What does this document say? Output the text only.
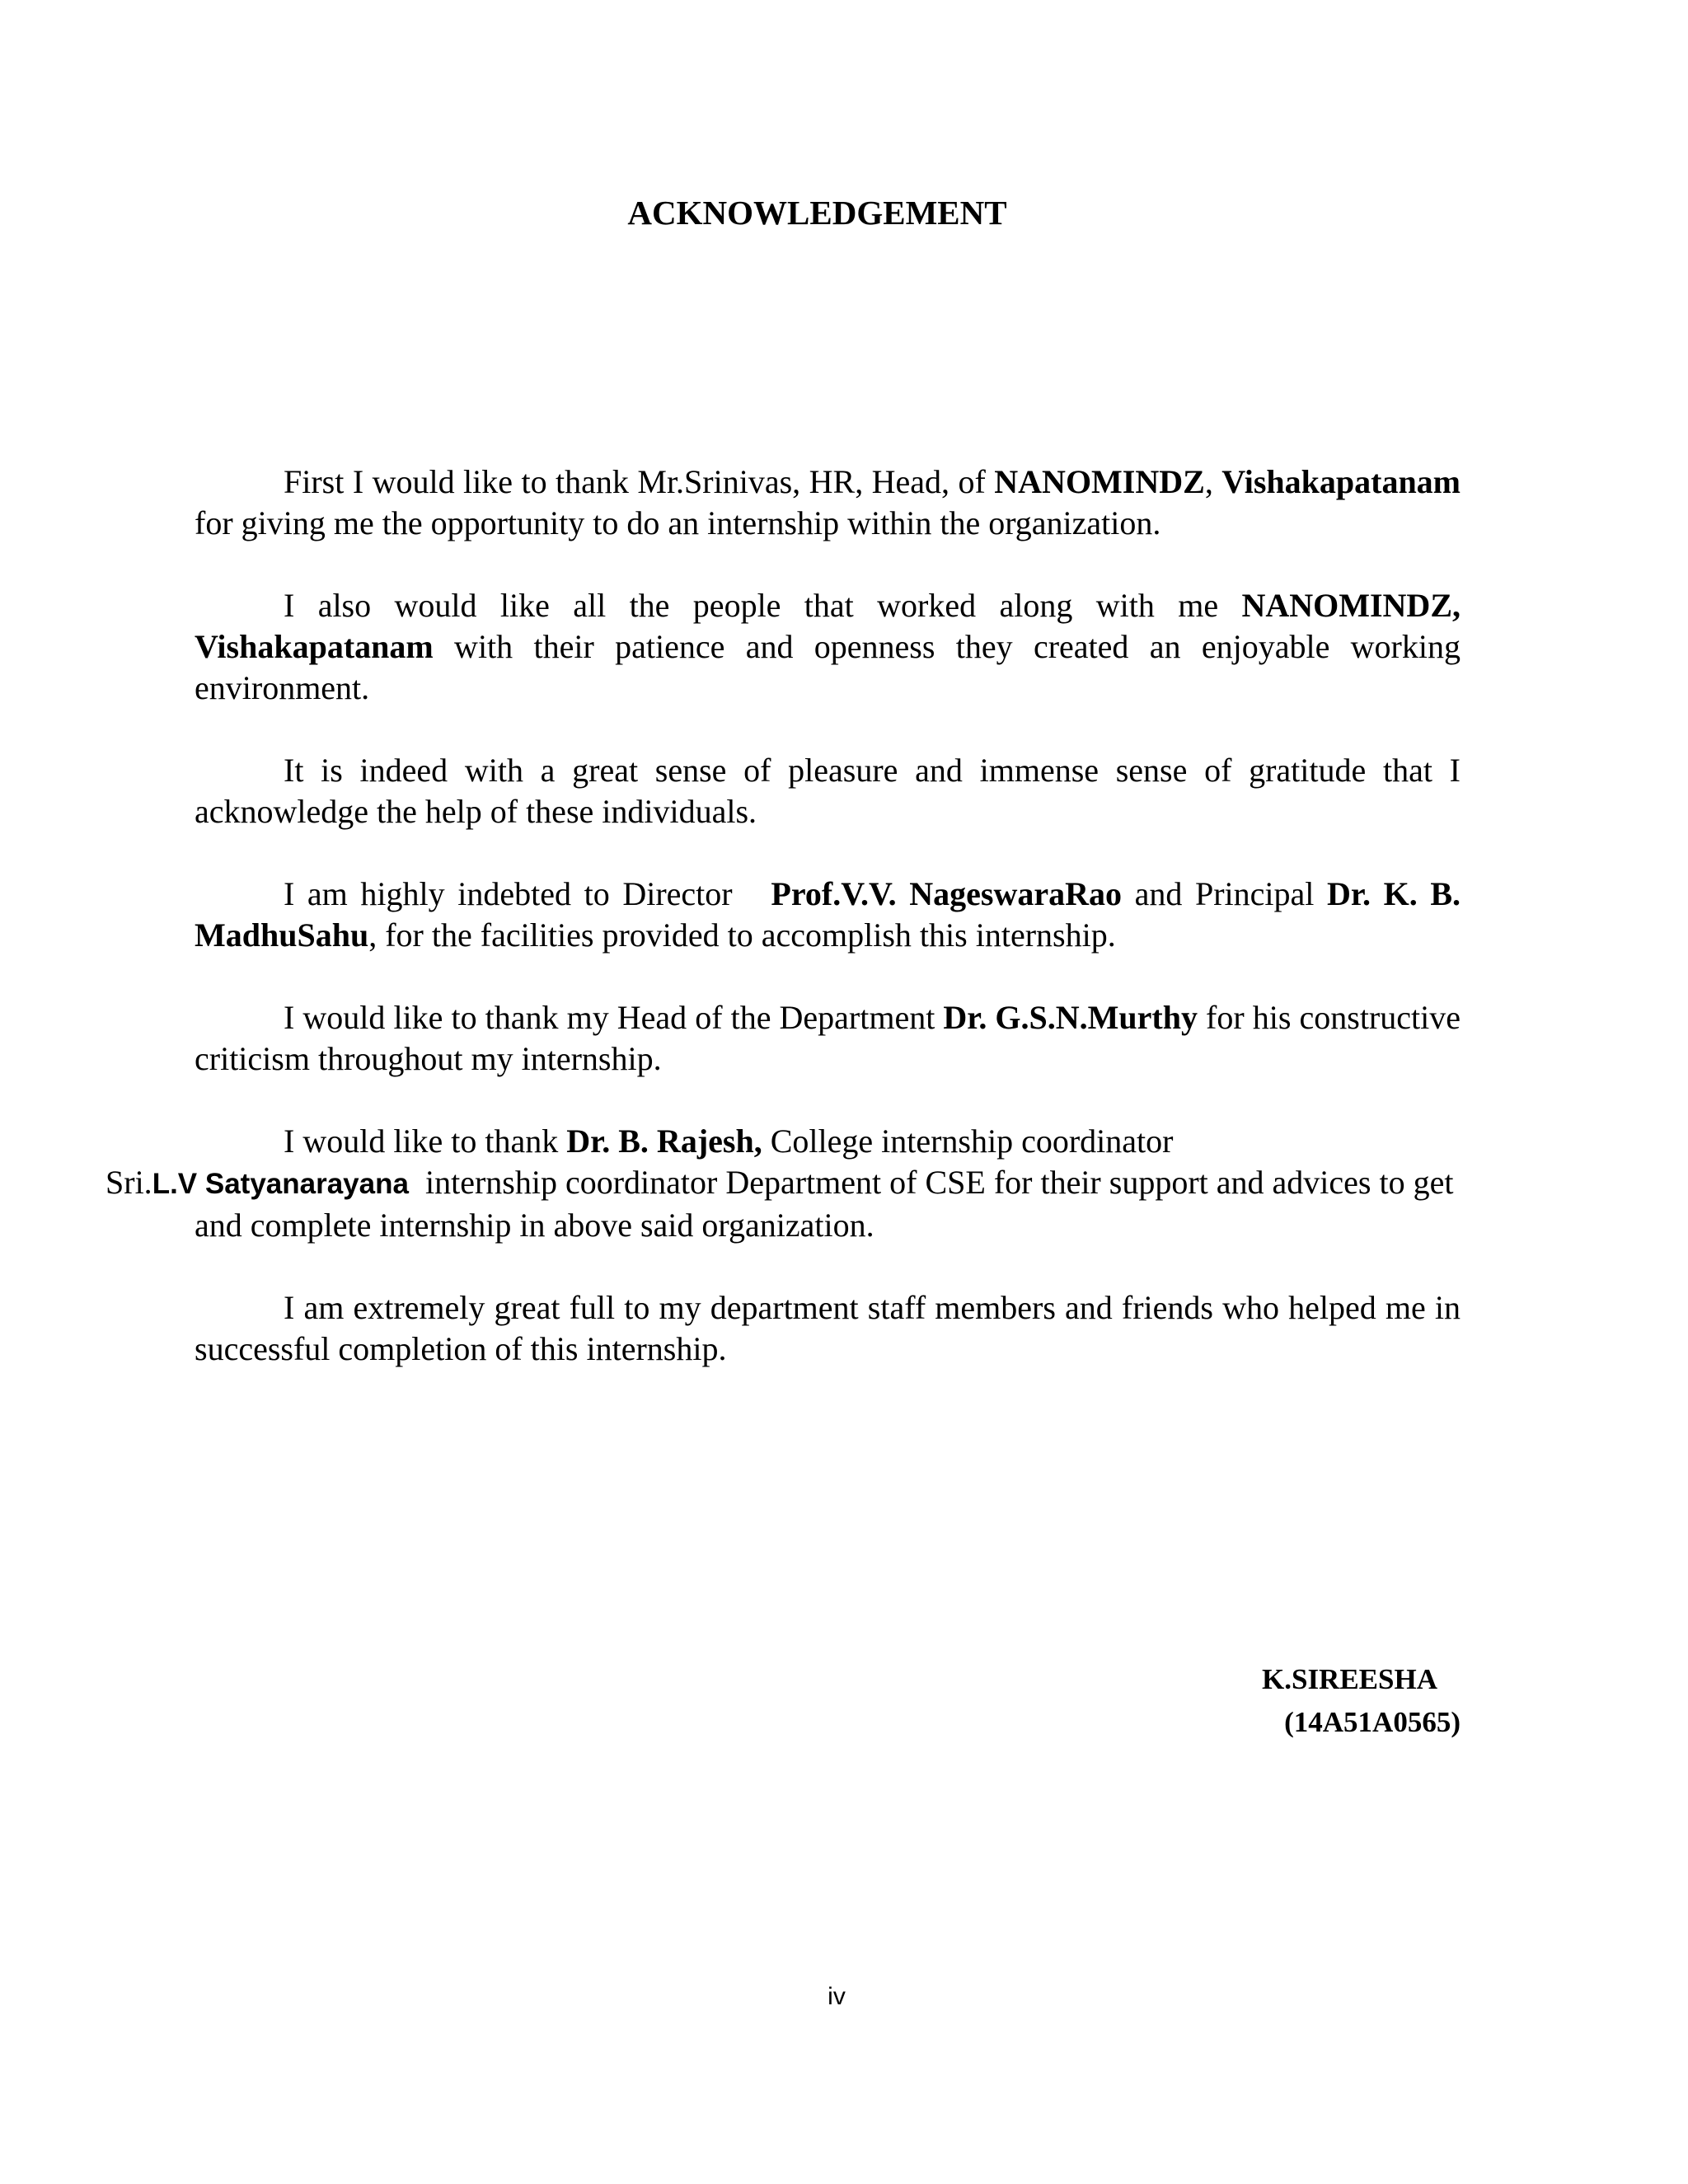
ACKNOWLEDGEMENT

First I would like to thank Mr.Srinivas, HR, Head, of NANOMINDZ, Vishakapatanam for giving me the opportunity to do an internship within the organization.

I also would like all the people that worked along with me NANOMINDZ, Vishakapatanam with their patience and openness they created an enjoyable working environment.

It is indeed with a great sense of pleasure and immense sense of gratitude that I acknowledge the help of these individuals.

I am highly indebted to Director   Prof.V.V. NageswaraRao and Principal Dr. K. B. MadhuSahu, for the facilities provided to accomplish this internship.

I would like to thank my Head of the Department Dr. G.S.N.Murthy for his constructive criticism throughout my internship.

I would like to thank Dr. B. Rajesh, College internship coordinator
Sri.L.V Satyanarayana  internship coordinator Department of CSE for their support and advices to get and complete internship in above said organization.

I am extremely great full to my department staff members and friends who helped me in successful completion of this internship.

K.SIREESHA
(14A51A0565)
iv
